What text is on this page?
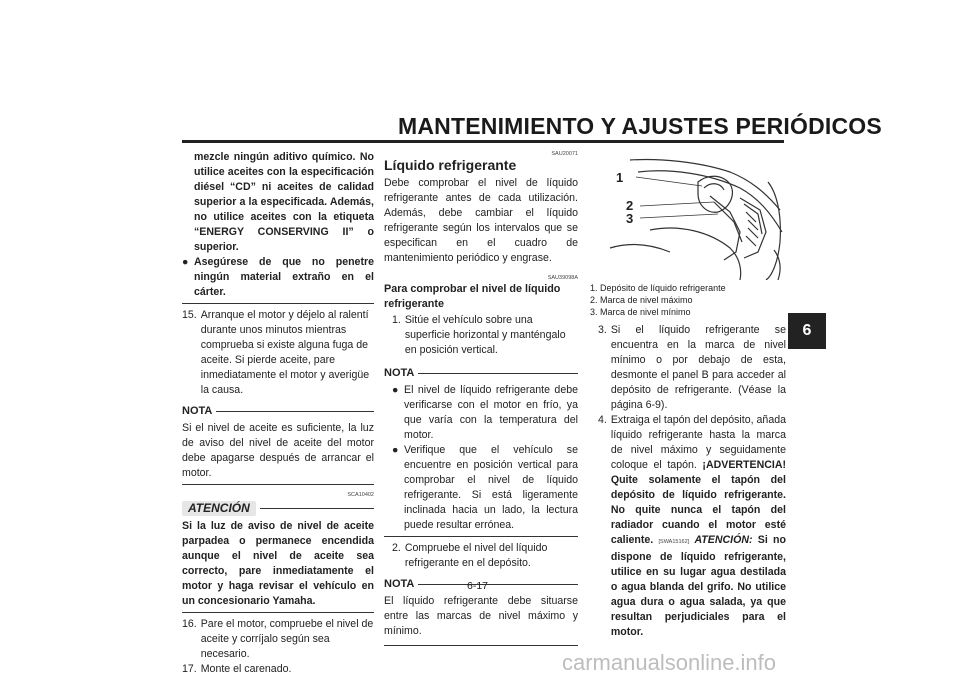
MANTENIMIENTO Y AJUSTES PERIÓDICOS
6

mezcle ningún aditivo químico. No utilice aceites con la especificación diésel “CD” ni aceites de calidad superior a la especificada. Además, no utilice aceites con la etiqueta “ENERGY CONSERVING II” o superior.

● Asegúrese de que no penetre ningún material extraño en el cárter.

15. Arranque el motor y déjelo al ralentí durante unos minutos mientras comprueba si existe alguna fuga de aceite. Si pierde aceite, pare inmediatamente el motor y averigüe la causa.

NOTA

Si el nivel de aceite es suficiente, la luz de aviso del nivel de aceite del motor debe apagarse después de arrancar el motor.

SCA10402
ATENCIÓN

Si la luz de aviso de nivel de aceite parpadea o permanece encendida aunque el nivel de aceite sea correcto, pare inmediatamente el motor y haga revisar el vehículo en un concesionario Yamaha.

16. Pare el motor, compruebe el nivel de aceite y corríjalo según sea necesario.

17. Monte el carenado.

SAU20071
Líquido refrigerante

Debe comprobar el nivel de líquido refrigerante antes de cada utilización. Además, debe cambiar el líquido refrigerante según los intervalos que se especifican en el cuadro de mantenimiento periódico y engrase.

SAU39098A
Para comprobar el nivel de líquido refrigerante
1. Sitúe el vehículo sobre una superficie horizontal y manténgalo en posición vertical.

NOTA
● El nivel de líquido refrigerante debe verificarse con el motor en frío, ya que varía con la temperatura del motor.

● Verifique que el vehículo se encuentre en posición vertical para comprobar el nivel de líquido refrigerante. Si está ligeramente inclinada hacia un lado, la lectura puede resultar errónea.

2. Compruebe el nivel del líquido refrigerante en el depósito.

NOTA

El líquido refrigerante debe situarse entre las marcas de nivel máximo y mínimo.

1
2
3
1. Depósito de líquido refrigerante
2. Marca de nivel máximo
3. Marca de nivel mínimo
3. Si el líquido refrigerante se encuentra en la marca de nivel mínimo o por debajo de esta, desmonte el panel B para acceder al depósito de refrigerante. (Véase la página 6-9).

4. Extraiga el tapón del depósito, añada líquido refrigerante hasta la marca de nivel máximo y seguidamente coloque el tapón. ¡ADVERTENCIA! Quite solamente el tapón del depósito de líquido refrigerante. No quite nunca el tapón del radiador cuando el motor esté caliente. [SWA15162] ATENCIÓN: Si no dispone de líquido refrigerante, utilice en su lugar agua destilada o agua blanda del grifo. No utilice agua dura o agua salada, ya que resultan perjudiciales para el motor.

6-17
carmanualsonline.info
